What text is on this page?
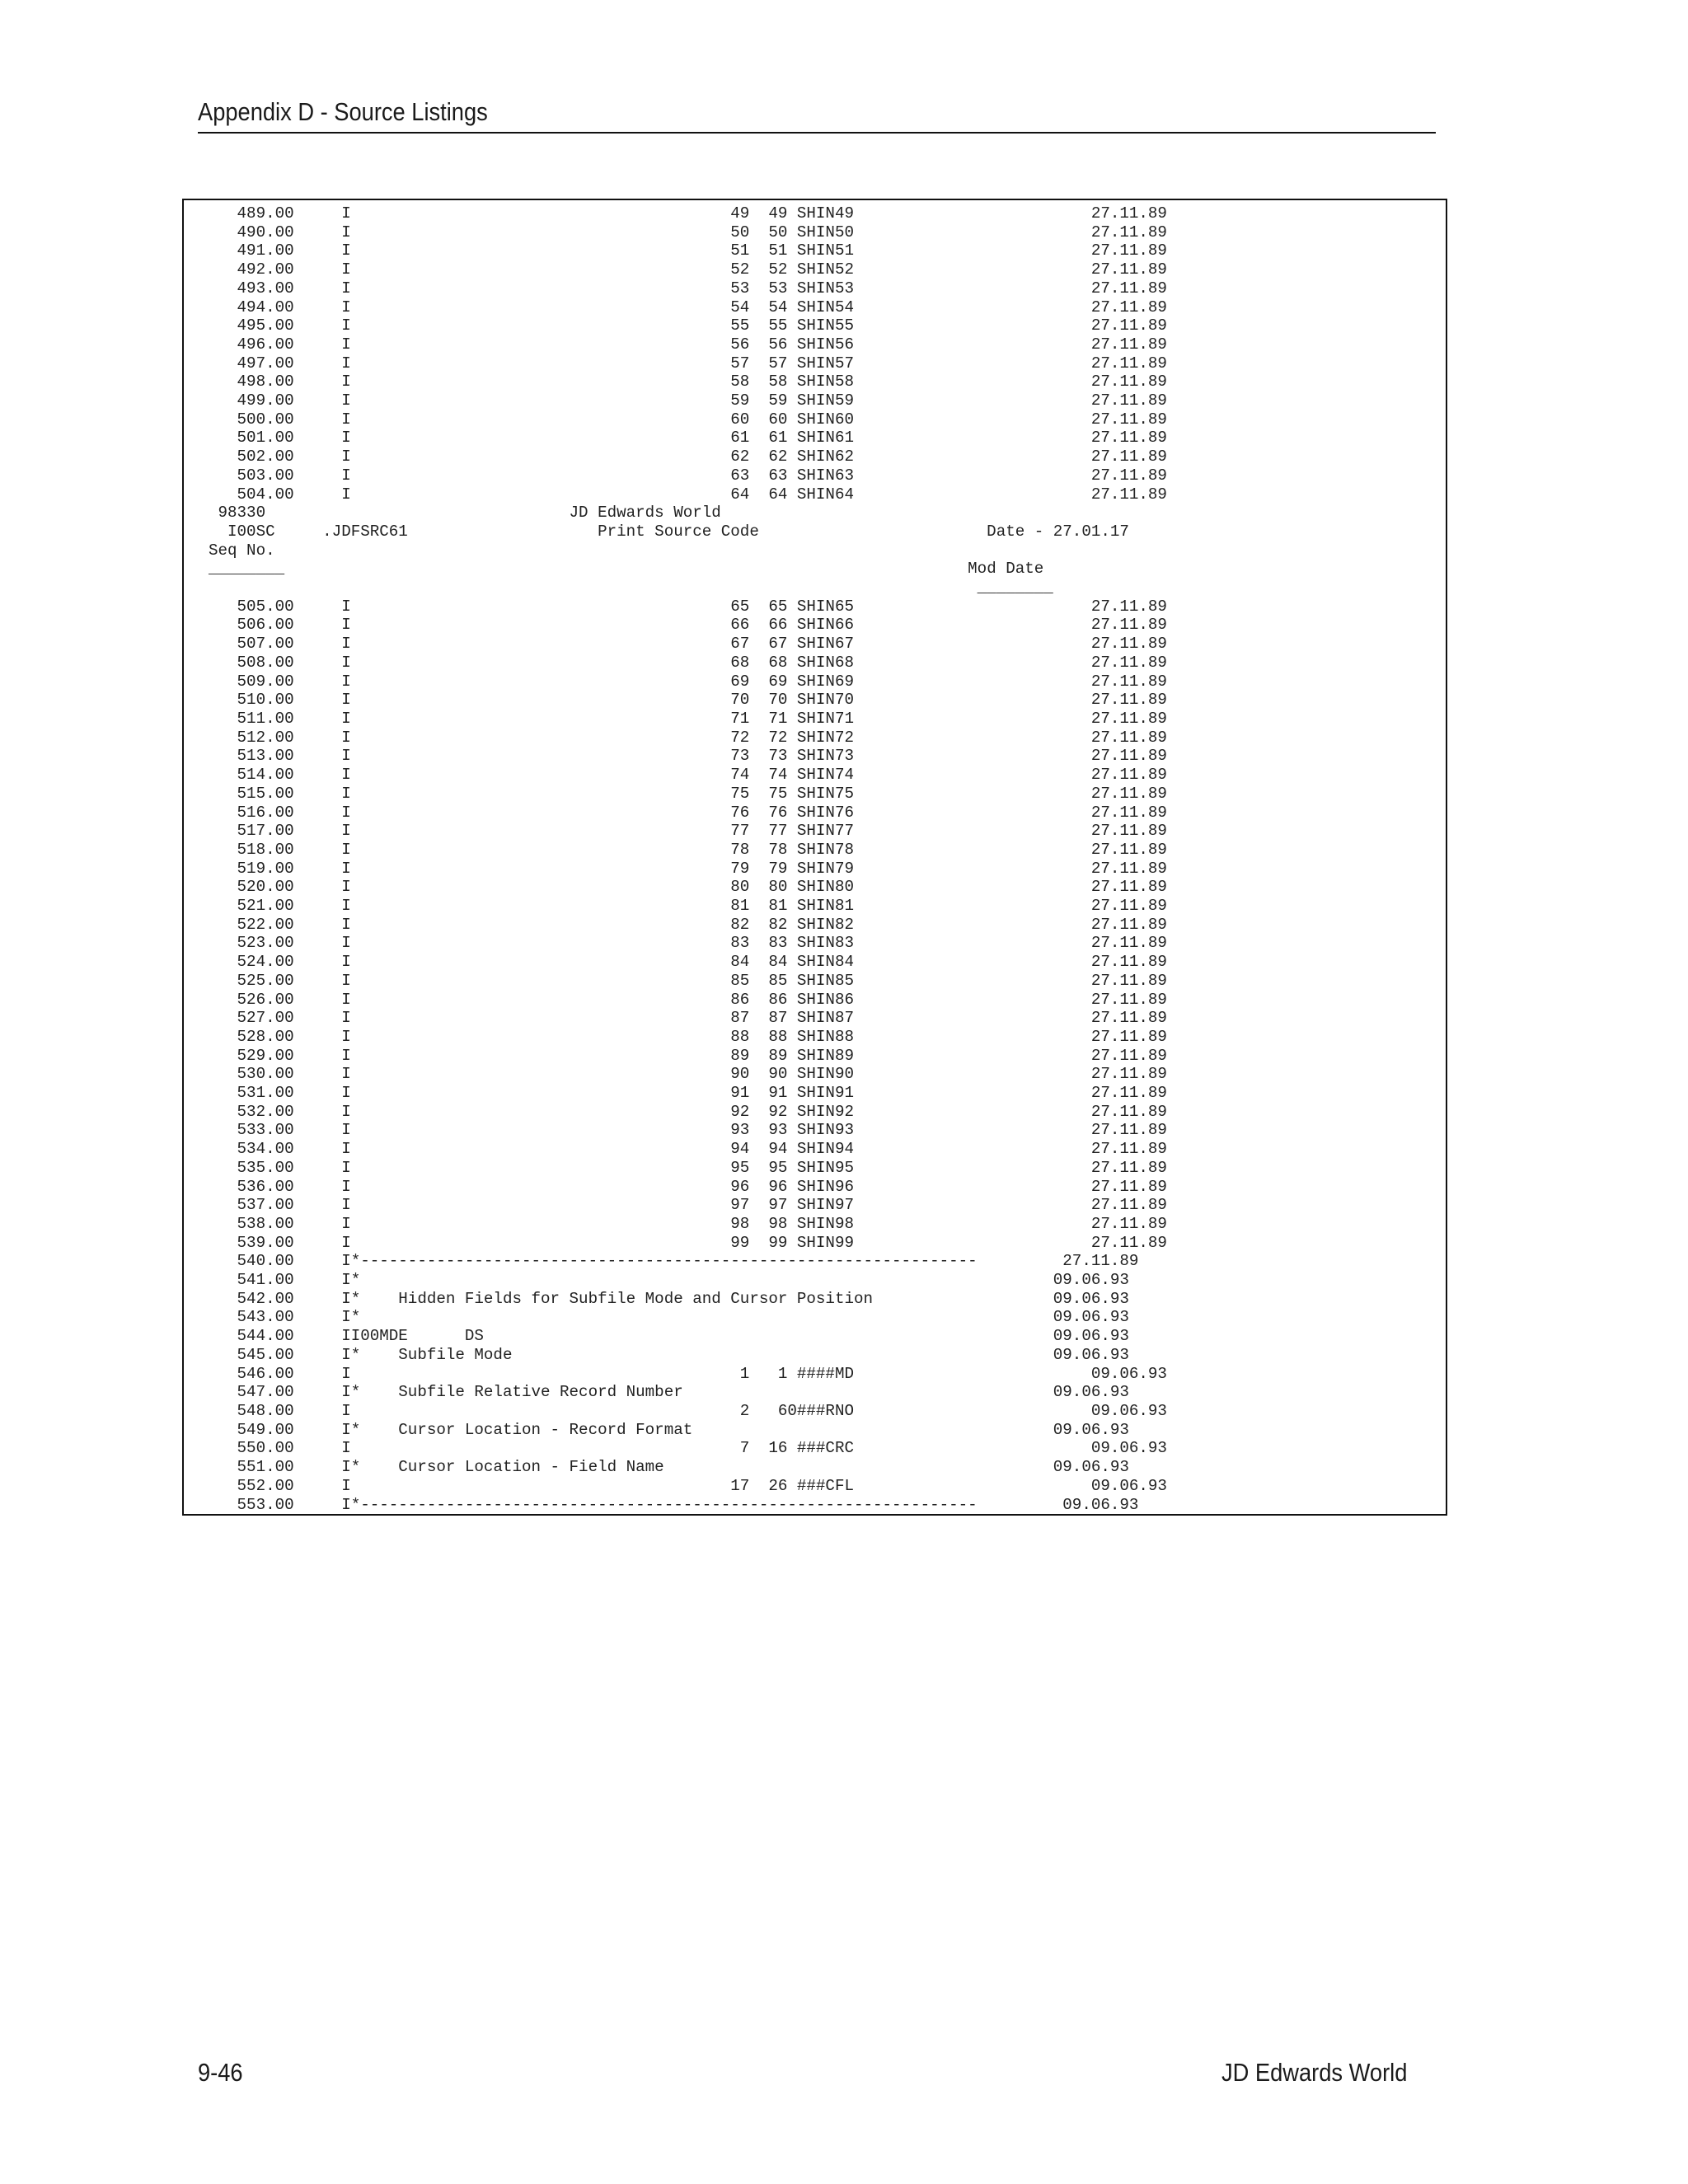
Appendix D - Source Listings
489.00     I                                        49  49 SHIN49                         27.11.89
490.00     I                                        50  50 SHIN50                         27.11.89
491.00     I                                        51  51 SHIN51                         27.11.89
492.00     I                                        52  52 SHIN52                         27.11.89
493.00     I                                        53  53 SHIN53                         27.11.89
494.00     I                                        54  54 SHIN54                         27.11.89
495.00     I                                        55  55 SHIN55                         27.11.89
496.00     I                                        56  56 SHIN56                         27.11.89
497.00     I                                        57  57 SHIN57                         27.11.89
498.00     I                                        58  58 SHIN58                         27.11.89
499.00     I                                        59  59 SHIN59                         27.11.89
500.00     I                                        60  60 SHIN60                         27.11.89
501.00     I                                        61  61 SHIN61                         27.11.89
502.00     I                                        62  62 SHIN62                         27.11.89
503.00     I                                        63  63 SHIN63                         27.11.89
504.00     I                                        64  64 SHIN64                         27.11.89
98330                                JD Edwards World
I00SC     .JDFSRC61                    Print Source Code                        Date - 27.01.17
Seq No.
________	Mod Date
________
505.00     I                                        65  65 SHIN65                         27.11.89
506.00     I                                        66  66 SHIN66                         27.11.89
507.00     I                                        67  67 SHIN67                         27.11.89
508.00     I                                        68  68 SHIN68                         27.11.89
509.00     I                                        69  69 SHIN69                         27.11.89
510.00     I                                        70  70 SHIN70                         27.11.89
511.00     I                                        71  71 SHIN71                         27.11.89
512.00     I                                        72  72 SHIN72                         27.11.89
513.00     I                                        73  73 SHIN73                         27.11.89
514.00     I                                        74  74 SHIN74                         27.11.89
515.00     I                                        75  75 SHIN75                         27.11.89
516.00     I                                        76  76 SHIN76                         27.11.89
517.00     I                                        77  77 SHIN77                         27.11.89
518.00     I                                        78  78 SHIN78                         27.11.89
519.00     I                                        79  79 SHIN79                         27.11.89
520.00     I                                        80  80 SHIN80                         27.11.89
521.00     I                                        81  81 SHIN81                         27.11.89
522.00     I                                        82  82 SHIN82                         27.11.89
523.00     I                                        83  83 SHIN83                         27.11.89
524.00     I                                        84  84 SHIN84                         27.11.89
525.00     I                                        85  85 SHIN85                         27.11.89
526.00     I                                        86  86 SHIN86                         27.11.89
527.00     I                                        87  87 SHIN87                         27.11.89
528.00     I                                        88  88 SHIN88                         27.11.89
529.00     I                                        89  89 SHIN89                         27.11.89
530.00     I                                        90  90 SHIN90                         27.11.89
531.00     I                                        91  91 SHIN91                         27.11.89
532.00     I                                        92  92 SHIN92                         27.11.89
533.00     I                                        93  93 SHIN93                         27.11.89
534.00     I                                        94  94 SHIN94                         27.11.89
535.00     I                                        95  95 SHIN95                         27.11.89
536.00     I                                        96  96 SHIN96                         27.11.89
537.00     I                                        97  97 SHIN97                         27.11.89
538.00     I                                        98  98 SHIN98                         27.11.89
539.00     I                                        99  99 SHIN99                         27.11.89
540.00     I*-----------------------------------------------------------------         27.11.89
541.00     I*                                                                         09.06.93
542.00     I*    Hidden Fields for Subfile Mode and Cursor Position                   09.06.93
543.00     I*                                                                         09.06.93
544.00     II00MDE      DS                                                            09.06.93
545.00     I*    Subfile Mode                                                         09.06.93
546.00     I                                         1   1 ####MD                         09.06.93
547.00     I*    Subfile Relative Record Number                                       09.06.93
548.00     I                                         2   60###RNO                         09.06.93
549.00     I*    Cursor Location - Record Format                                      09.06.93
550.00     I                                         7  16 ###CRC                         09.06.93
551.00     I*    Cursor Location - Field Name                                         09.06.93
552.00     I                                        17  26 ###CFL                         09.06.93
553.00     I*-----------------------------------------------------------------         09.06.93
9-46	JD Edwards World
